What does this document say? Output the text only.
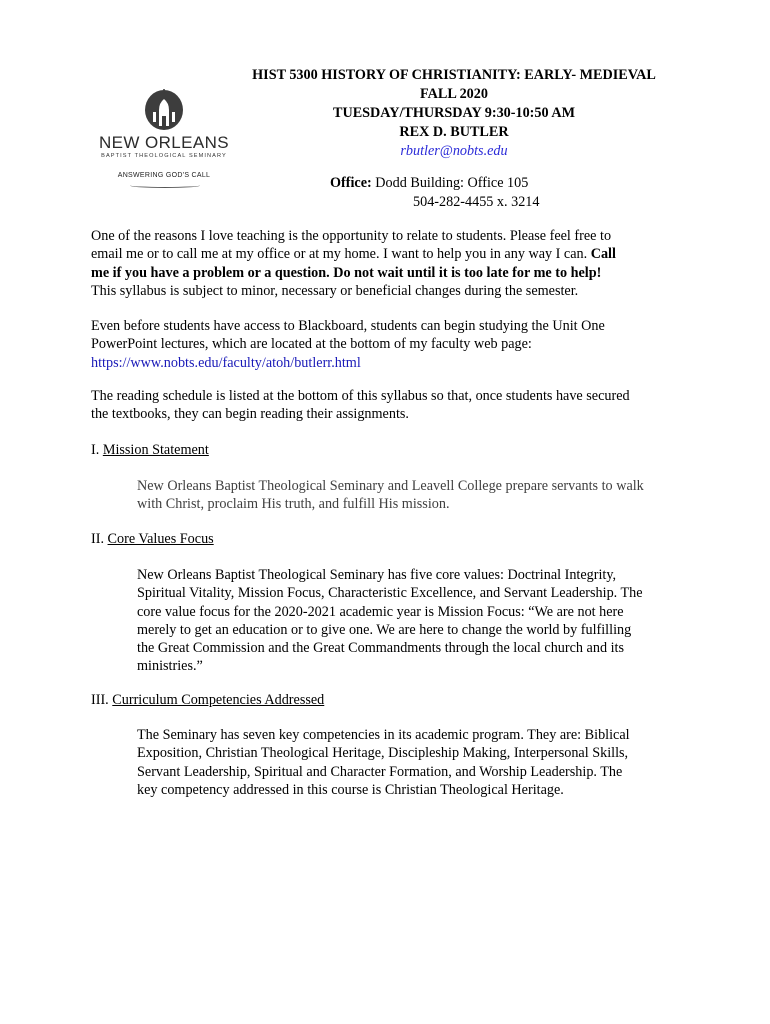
NEW ORLEANS
BAPTIST THEOLOGICAL SEMINARY
ANSWERING GOD'S CALL
HIST 5300 HISTORY OF CHRISTIANITY: EARLY- MEDIEVAL
FALL 2020
TUESDAY/THURSDAY 9:30-10:50 AM
REX D. BUTLER
rbutler@nobts.edu
Office: Dodd Building: Office 105
504-282-4455 x. 3214
One of the reasons I love teaching is the opportunity to relate to students. Please feel free to
email me or to call me at my office or at my home. I want to help you in any way I can. Call
me if you have a problem or a question. Do not wait until it is too late for me to help!
This syllabus is subject to minor, necessary or beneficial changes during the semester.
Even before students have access to Blackboard, students can begin studying the Unit One
PowerPoint lectures, which are located at the bottom of my faculty web page:
https://www.nobts.edu/faculty/atoh/butlerr.html
The reading schedule is listed at the bottom of this syllabus so that, once students have secured
the textbooks, they can begin reading their assignments.
I. Mission Statement
New Orleans Baptist Theological Seminary and Leavell College prepare servants to walk
with Christ, proclaim His truth, and fulfill His mission.
II. Core Values Focus
New Orleans Baptist Theological Seminary has five core values: Doctrinal Integrity,
Spiritual Vitality, Mission Focus, Characteristic Excellence, and Servant Leadership. The
core value focus for the 2020-2021 academic year is Mission Focus: “We are not here
merely to get an education or to give one. We are here to change the world by fulfilling
the Great Commission and the Great Commandments through the local church and its
ministries.”
III. Curriculum Competencies Addressed
The Seminary has seven key competencies in its academic program. They are: Biblical
Exposition, Christian Theological Heritage, Discipleship Making, Interpersonal Skills,
Servant Leadership, Spiritual and Character Formation, and Worship Leadership. The
key competency addressed in this course is Christian Theological Heritage.
